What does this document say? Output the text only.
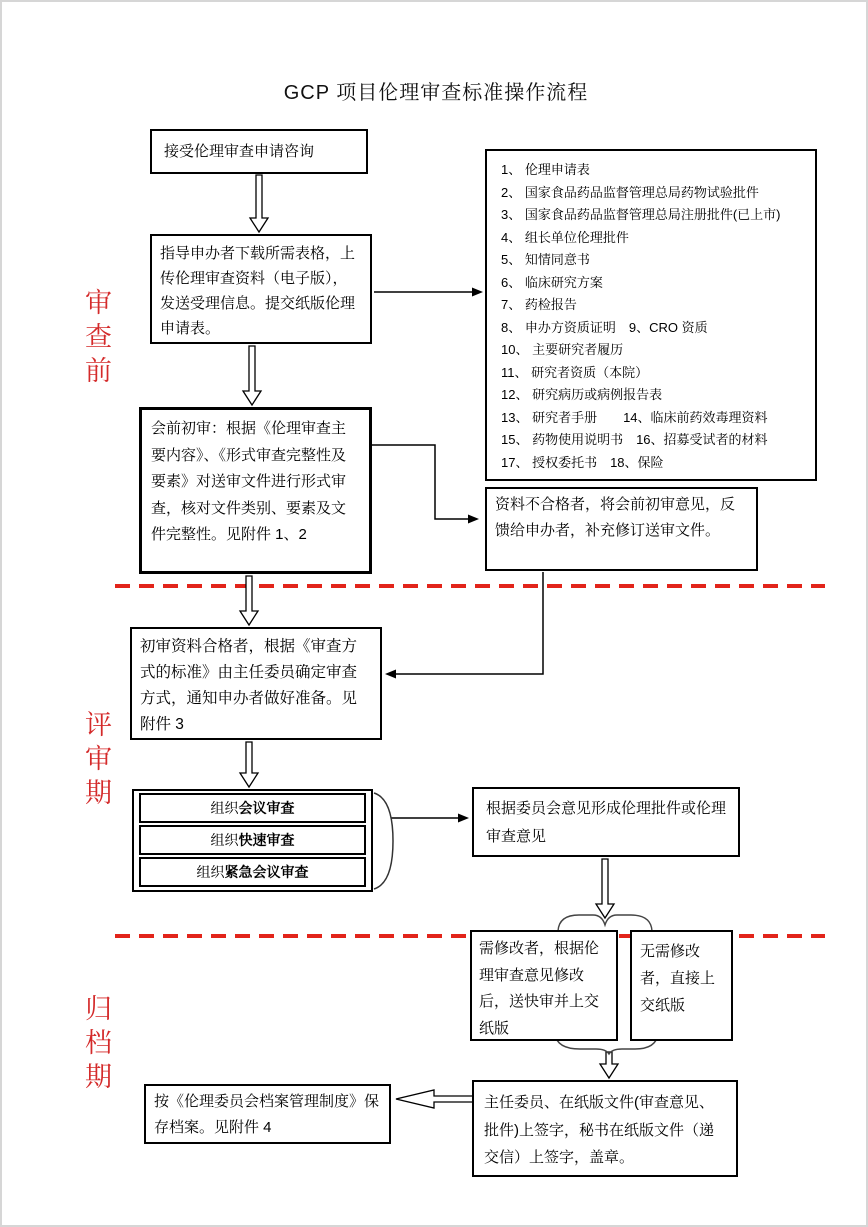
GCP 项目伦理审查标准操作流程
审查前
评审期
归档期
接受伦理审查申请咨询
指导申办者下载所需表格，上传伦理审查资料（电子版），发送受理信息。提交纸版伦理申请表。
会前初审：根据《伦理审查主要内容》、《形式审查完整性及要素》对送审文件进行形式审查，核对文件类别、要素及文件完整性。见附件 1、2
1、 伦理申请表
2、 国家食品药品监督管理总局药物试验批件
3、 国家食品药品监督管理总局注册批件(已上市)
4、 组长单位伦理批件
5、 知情同意书
6、 临床研究方案
7、 药检报告
8、 申办方资质证明　9、CRO 资质
10、 主要研究者履历
11、 研究者资质（本院）
12、 研究病历或病例报告表
13、 研究者手册　　14、临床前药效毒理资料
15、 药物使用说明书　16、招募受试者的材料
17、 授权委托书　18、保险
资料不合格者，将会前初审意见，反馈给申办者，补充修订送审文件。
初审资料合格者，根据《审查方式的标准》由主任委员确定审查方式，通知申办者做好准备。见附件 3
组织会议审查
组织快速审查
组织紧急会议审查
根据委员会意见形成伦理批件或伦理审查意见
需修改者，根据伦理审查意见修改后，送快审并上交纸版
无需修改者，直接上交纸版
主任委员、在纸版文件(审查意见、批件)上签字，秘书在纸版文件（递交信）上签字，盖章。
按《伦理委员会档案管理制度》保存档案。见附件 4
